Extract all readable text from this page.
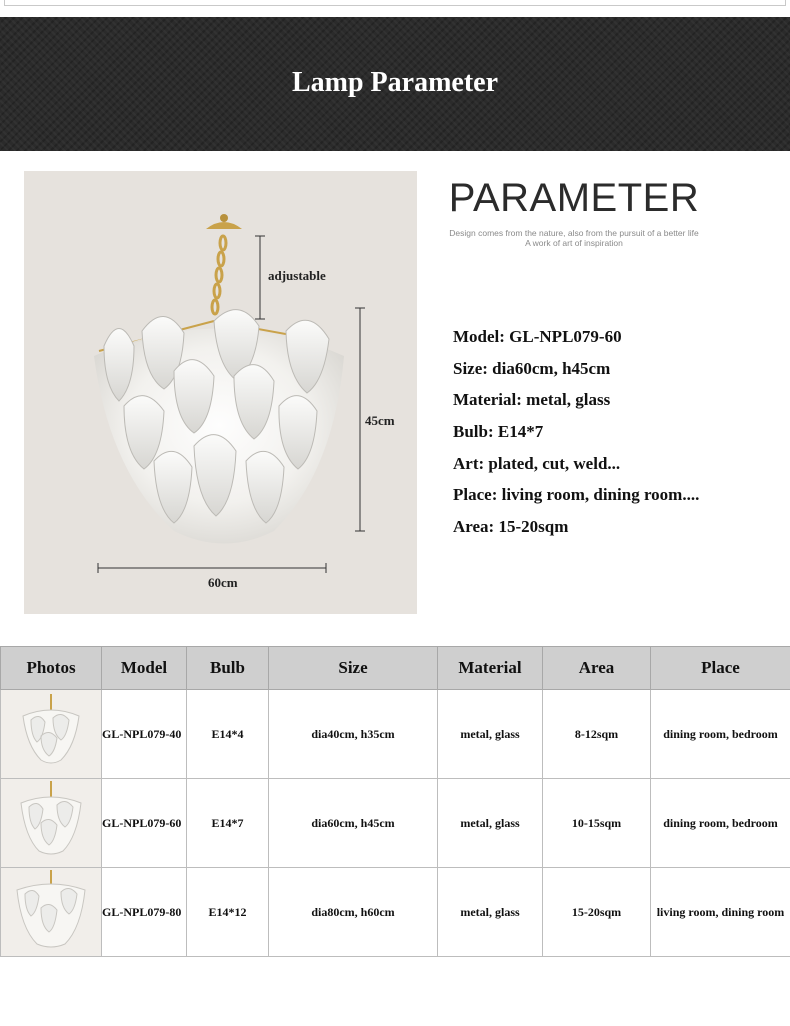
Lamp Parameter
adjustable
45cm
60cm
PARAMETER
Design comes from the nature, also from the pursuit of a better life
A work of art of inspiration
Model: GL-NPL079-60
Size: dia60cm, h45cm
Material: metal, glass
Bulb: E14*7
Art: plated, cut, weld...
Place: living room, dining room....
Area: 15-20sqm
Photos	Model	Bulb	Size	Material	Area	Place
	GL-NPL079-40	E14*4	dia40cm, h35cm	metal, glass	8-12sqm	dining room, bedroom
	GL-NPL079-60	E14*7	dia60cm, h45cm	metal, glass	10-15sqm	dining room, bedroom
	GL-NPL079-80	E14*12	dia80cm, h60cm	metal, glass	15-20sqm	living room, dining room
